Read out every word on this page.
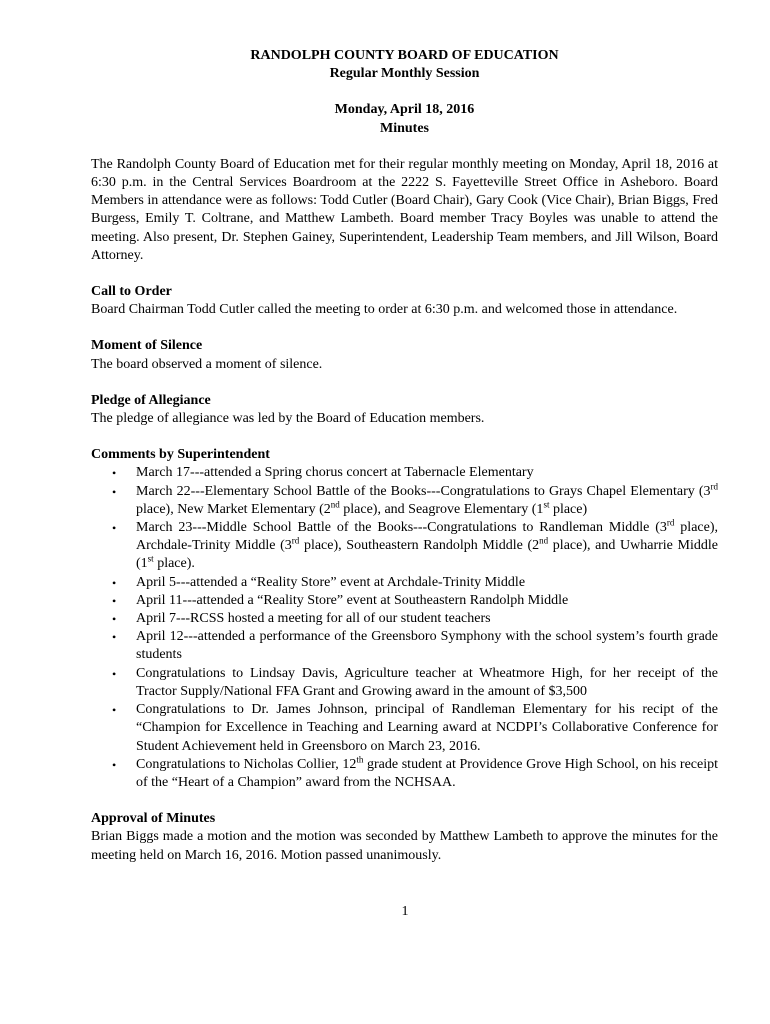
RANDOLPH COUNTY BOARD OF EDUCATION
Regular Monthly Session
Monday, April 18, 2016
Minutes

The Randolph County Board of Education met for their regular monthly meeting on Monday, April 18, 2016 at 6:30 p.m. in the Central Services Boardroom at the 2222 S. Fayetteville Street Office in Asheboro. Board Members in attendance were as follows: Todd Cutler (Board Chair), Gary Cook (Vice Chair), Brian Biggs, Fred Burgess, Emily T. Coltrane, and Matthew Lambeth. Board member Tracy Boyles was unable to attend the meeting. Also present, Dr. Stephen Gainey, Superintendent, Leadership Team members, and Jill Wilson, Board Attorney.

Call to Order

Board Chairman Todd Cutler called the meeting to order at 6:30 p.m. and welcomed those in attendance.

Moment of Silence

The board observed a moment of silence.

Pledge of Allegiance

The pledge of allegiance was led by the Board of Education members.

Comments by Superintendent
• March 17---attended a Spring chorus concert at Tabernacle Elementary
• March 22---Elementary School Battle of the Books---Congratulations to Grays Chapel Elementary (3rd place), New Market Elementary (2nd place), and Seagrove Elementary (1st place)
• March 23---Middle School Battle of the Books---Congratulations to Randleman Middle (3rd place), Archdale-Trinity Middle (3rd place), Southeastern Randolph Middle (2nd place), and Uwharrie Middle (1st place).
• April 5---attended a “Reality Store” event at Archdale-Trinity Middle
• April 11---attended a “Reality Store” event at Southeastern Randolph Middle
• April 7---RCSS hosted a meeting for all of our student teachers
• April 12---attended a performance of the Greensboro Symphony with the school system’s fourth grade students
• Congratulations to Lindsay Davis, Agriculture teacher at Wheatmore High, for her receipt of the Tractor Supply/National FFA Grant and Growing award in the amount of $3,500
• Congratulations to Dr. James Johnson, principal of Randleman Elementary for his recipt of the “Champion for Excellence in Teaching and Learning award at NCDPI’s Collaborative Conference for Student Achievement held in Greensboro on March 23, 2016.
• Congratulations to Nicholas Collier, 12th grade student at Providence Grove High School, on his receipt of the “Heart of a Champion” award from the NCHSAA.
Approval of Minutes

Brian Biggs made a motion and the motion was seconded by Matthew Lambeth to approve the minutes for the meeting held on March 16, 2016. Motion passed unanimously.

1
